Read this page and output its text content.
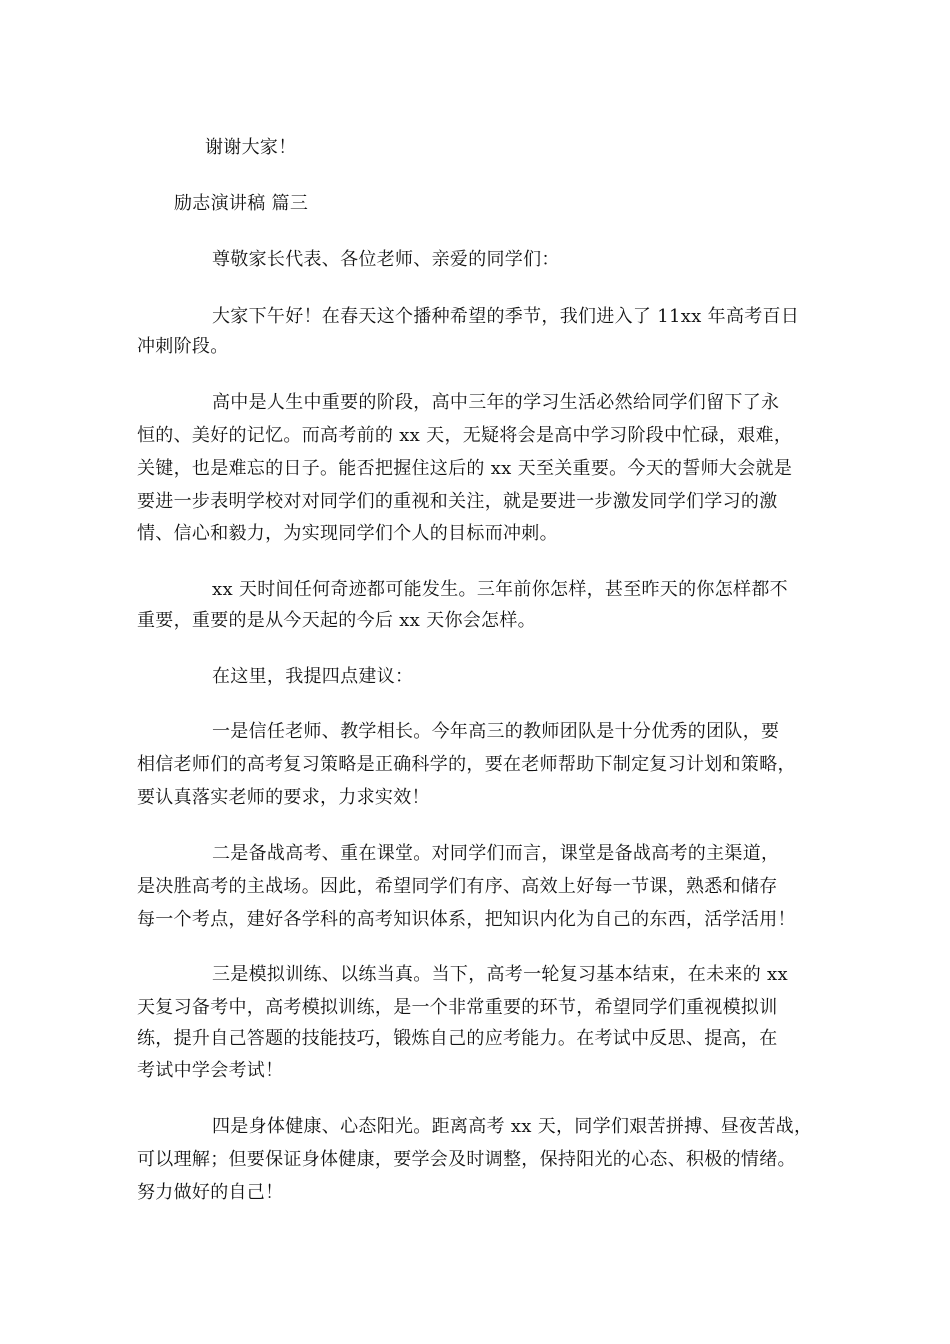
谢谢大家！
励志演讲稿 篇三
尊敬家长代表、各位老师、亲爱的同学们：
大家下午好！在春天这个播种希望的季节，我们进入了 11xx 年高考百日
冲刺阶段。
高中是人生中重要的阶段，高中三年的学习生活必然给同学们留下了永
恒的、美好的记忆。而高考前的 xx 天，无疑将会是高中学习阶段中忙碌，艰难，
关键，也是难忘的日子。能否把握住这后的 xx 天至关重要。今天的誓师大会就是
要进一步表明学校对对同学们的重视和关注，就是要进一步激发同学们学习的激
情、信心和毅力，为实现同学们个人的目标而冲刺。
xx 天时间任何奇迹都可能发生。三年前你怎样，甚至昨天的你怎样都不
重要，重要的是从今天起的今后 xx 天你会怎样。
在这里，我提四点建议：
一是信任老师、教学相长。今年高三的教师团队是十分优秀的团队，要
相信老师们的高考复习策略是正确科学的，要在老师帮助下制定复习计划和策略，
要认真落实老师的要求，力求实效！
二是备战高考、重在课堂。对同学们而言，课堂是备战高考的主渠道，
是决胜高考的主战场。因此，希望同学们有序、高效上好每一节课，熟悉和储存
每一个考点，建好各学科的高考知识体系，把知识内化为自己的东西，活学活用！
三是模拟训练、以练当真。当下，高考一轮复习基本结束，在未来的 xx
天复习备考中，高考模拟训练，是一个非常重要的环节，希望同学们重视模拟训
练，提升自己答题的技能技巧，锻炼自己的应考能力。在考试中反思、提高，在
考试中学会考试！
四是身体健康、心态阳光。距离高考 xx 天，同学们艰苦拼搏、昼夜苦战，
可以理解；但要保证身体健康，要学会及时调整，保持阳光的心态、积极的情绪。
努力做好的自己！
